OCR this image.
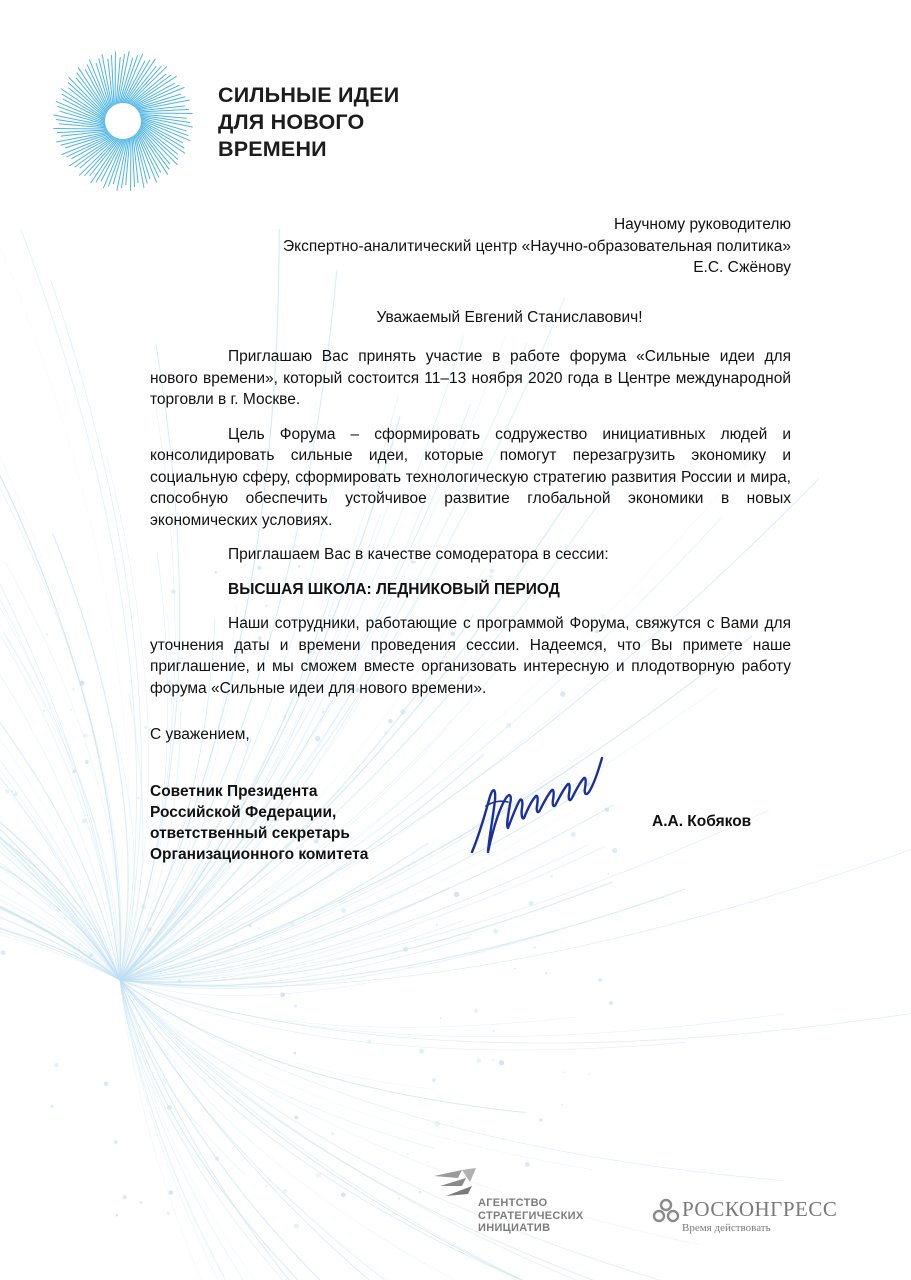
СИЛЬНЫЕ ИДЕИ
ДЛЯ НОВОГО
ВРЕМЕНИ
Научному руководителю
Экспертно-аналитический центр «Научно-образовательная политика»
Е.С. Сжёнову
Уважаемый Евгений Станиславович!

Приглашаю Вас принять участие в работе форума «Сильные идеи для нового времени», который состоится 11–13 ноября 2020 года в Центре международной торговли в г. Москве.

Цель Форума – сформировать содружество инициативных людей и консолидировать сильные идеи, которые помогут перезагрузить экономику и социальную сферу, сформировать технологическую стратегию развития России и мира, способную обеспечить устойчивое развитие глобальной экономики в новых экономических условиях.

Приглашаем Вас в качестве сомодератора в сессии:
ВЫСШАЯ ШКОЛА: ЛЕДНИКОВЫЙ ПЕРИОД

Наши сотрудники, работающие с программой Форума, свяжутся с Вами для уточнения даты и времени проведения сессии. Надеемся, что Вы примете наше приглашение, и мы сможем вместе организовать интересную и плодотворную работу форума «Сильные идеи для нового времени».

С уважением,
Советник Президента
Российской Федерации,
ответственный секретарь
Организационного комитета
А.А. Кобяков
АГЕНТСТВО
СТРАТЕГИЧЕСКИХ
ИНИЦИАТИВ
РОСКОНГРЕСС
Время действовать
